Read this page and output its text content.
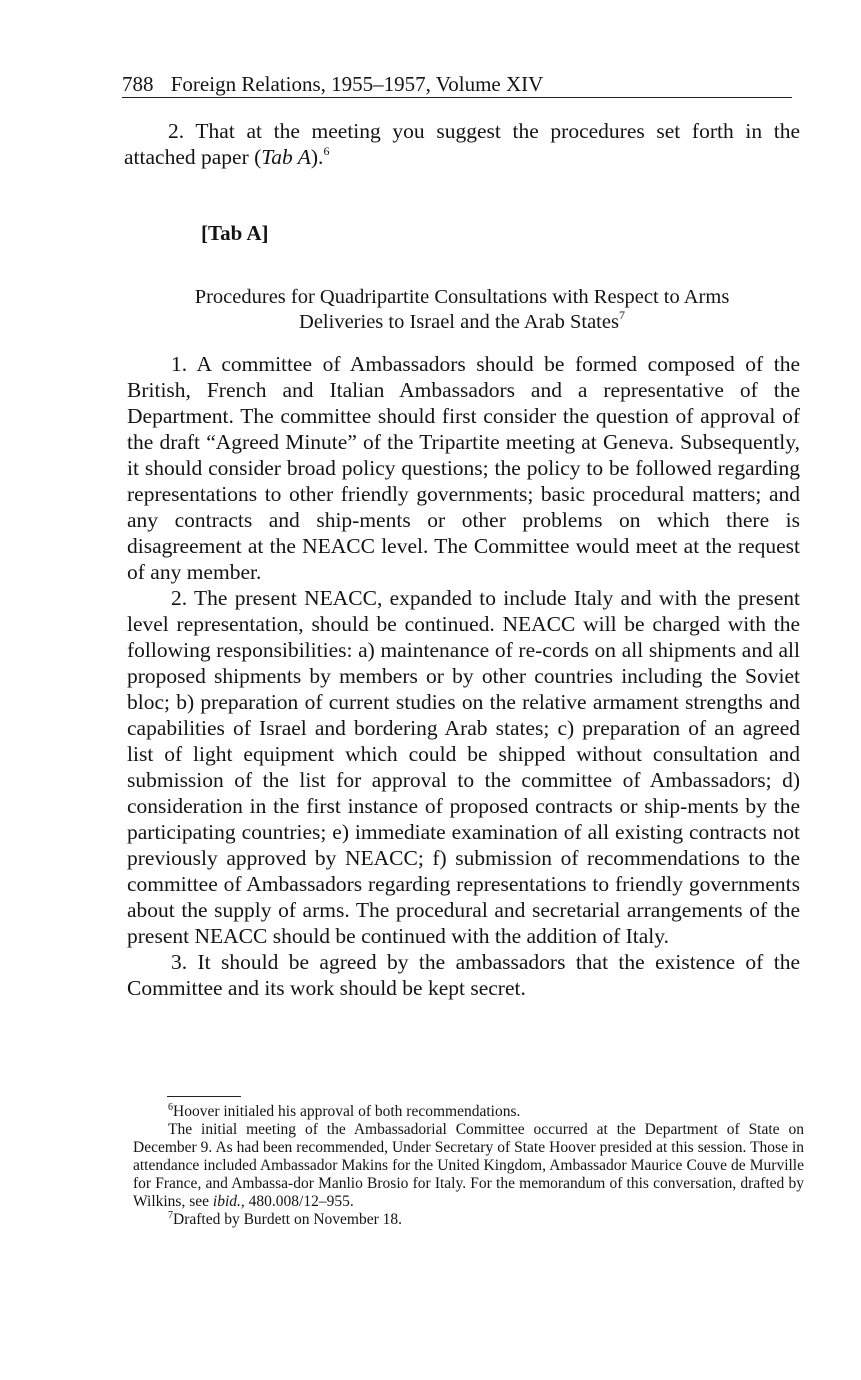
788 Foreign Relations, 1955–1957, Volume XIV
2. That at the meeting you suggest the procedures set forth in the attached paper (Tab A).$^6$
[Tab A]
Procedures for Quadripartite Consultations with Respect to Arms
Deliveries to Israel and the Arab States$^7$

1. A committee of Ambassadors should be formed composed of the British, French and Italian Ambassadors and a representative of the Department. The committee should first consider the question of approval of the draft “Agreed Minute” of the Tripartite meeting at Geneva. Subsequently, it should consider broad policy questions; the policy to be followed regarding representations to other friendly governments; basic procedural matters; and any contracts and ship-ments or other problems on which there is disagreement at the NEACC level. The Committee would meet at the request of any member.

2. The present NEACC, expanded to include Italy and with the present level representation, should be continued. NEACC will be charged with the following responsibilities: a) maintenance of re-cords on all shipments and all proposed shipments by members or by other countries including the Soviet bloc; b) preparation of current studies on the relative armament strengths and capabilities of Israel and bordering Arab states; c) preparation of an agreed list of light equipment which could be shipped without consultation and submission of the list for approval to the committee of Ambassadors; d) consideration in the first instance of proposed contracts or ship-ments by the participating countries; e) immediate examination of all existing contracts not previously approved by NEACC; f) submission of recommendations to the committee of Ambassadors regarding representations to friendly governments about the supply of arms. The procedural and secretarial arrangements of the present NEACC should be continued with the addition of Italy.

3. It should be agreed by the ambassadors that the existence of the Committee and its work should be kept secret.

$^6$Hoover initialed his approval of both recommendations.

The initial meeting of the Ambassadorial Committee occurred at the Department of State on December 9. As had been recommended, Under Secretary of State Hoover presided at this session. Those in attendance included Ambassador Makins for the United Kingdom, Ambassador Maurice Couve de Murville for France, and Ambassa-dor Manlio Brosio for Italy. For the memorandum of this conversation, drafted by Wilkins, see ibid., 480.008/12–955.

$^7$Drafted by Burdett on November 18.
